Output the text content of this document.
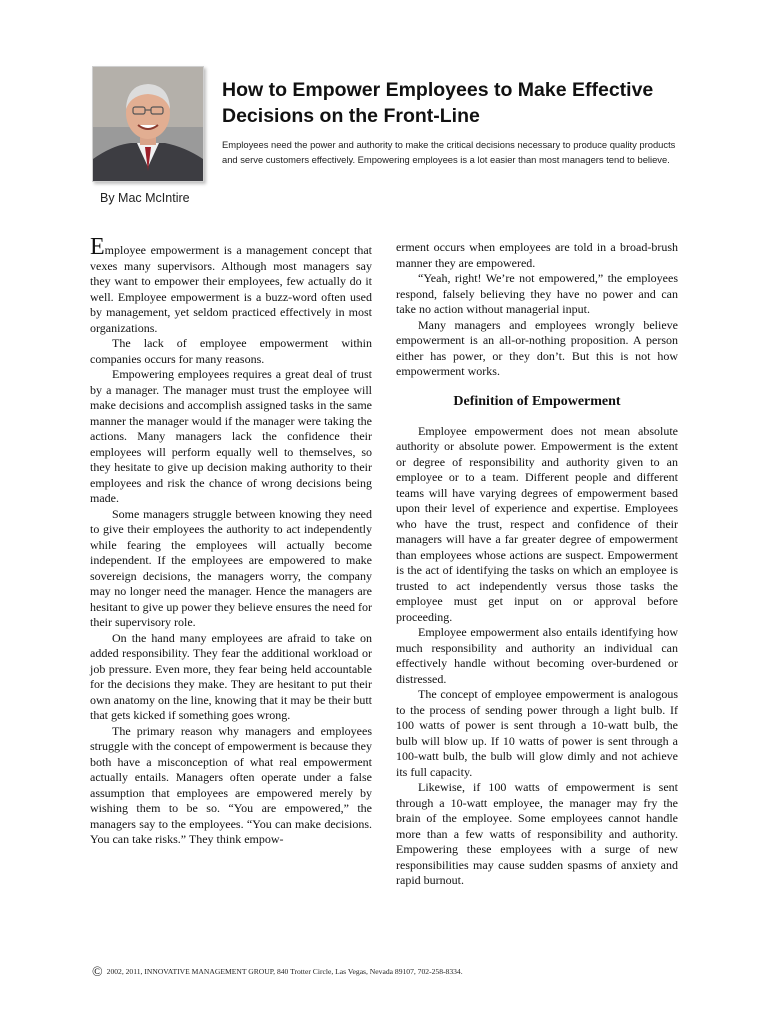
By Mac McIntire
How to Empower Employees to Make Effective Decisions on the Front-Line

Employees need the power and authority to make the critical decisions necessary to produce quality products and serve customers effectively. Empowering employees is a lot easier than most managers tend to believe.

Employee empowerment is a management concept that vexes many supervisors. Although most managers say they want to empower their employees, few actually do it well. Employee empowerment is a buzz-word often used by management, yet seldom practiced effectively in most organizations.

The lack of employee empowerment within companies occurs for many reasons.

Empowering employees requires a great deal of trust by a manager. The manager must trust the employee will make decisions and accomplish assigned tasks in the same manner the manager would if the manager were taking the actions. Many managers lack the confidence their employees will perform equally well to themselves, so they hesitate to give up decision making authority to their employees and risk the chance of wrong decisions being made.

Some managers struggle between knowing they need to give their employees the authority to act independently while fearing the employees will actually become independent. If the employees are empowered to make sovereign decisions, the managers worry, the company may no longer need the manager. Hence the managers are hesitant to give up power they believe ensures the need for their supervisory role.

On the hand many employees are afraid to take on added responsibility. They fear the additional workload or job pressure. Even more, they fear being held accountable for the decisions they make. They are hesitant to put their own anatomy on the line, knowing that it may be their butt that gets kicked if something goes wrong.

The primary reason why managers and employees struggle with the concept of empowerment is because they both have a misconception of what real empowerment actually entails. Managers often operate under a false assumption that employees are empowered merely by wishing them to be so. “You are empowered,” the managers say to the employees. “You can make decisions. You can take risks.” They think empow-

erment occurs when employees are told in a broad-brush manner they are empowered.

“Yeah, right! We’re not empowered,” the employees respond, falsely believing they have no power and can take no action without managerial input.

Many managers and employees wrongly believe empowerment is an all-or-nothing proposition. A person either has power, or they don’t. But this is not how empowerment works.

Definition of Empowerment

Employee empowerment does not mean absolute authority or absolute power. Empowerment is the extent or degree of responsibility and authority given to an employee or to a team. Different people and different teams will have varying degrees of empowerment based upon their level of experience and expertise. Employees who have the trust, respect and confidence of their managers will have a far greater degree of empowerment than employees whose actions are suspect. Empowerment is the act of identifying the tasks on which an employee is trusted to act independently versus those tasks the employee must get input on or approval before proceeding.

Employee empowerment also entails identifying how much responsibility and authority an individual can effectively handle without becoming over-burdened or distressed.

The concept of employee empowerment is analogous to the process of sending power through a light bulb. If 100 watts of power is sent through a 10-watt bulb, the bulb will blow up. If 10 watts of power is sent through a 100-watt bulb, the bulb will glow dimly and not achieve its full capacity.

Likewise, if 100 watts of empowerment is sent through a 10-watt employee, the manager may fry the brain of the employee. Some employees cannot handle more than a few watts of responsibility and authority. Empowering these employees with a surge of new responsibilities may cause sudden spasms of anxiety and rapid burnout.

© 2002, 2011, INNOVATIVE MANAGEMENT GROUP, 840 Trotter Circle, Las Vegas, Nevada 89107, 702-258-8334.
